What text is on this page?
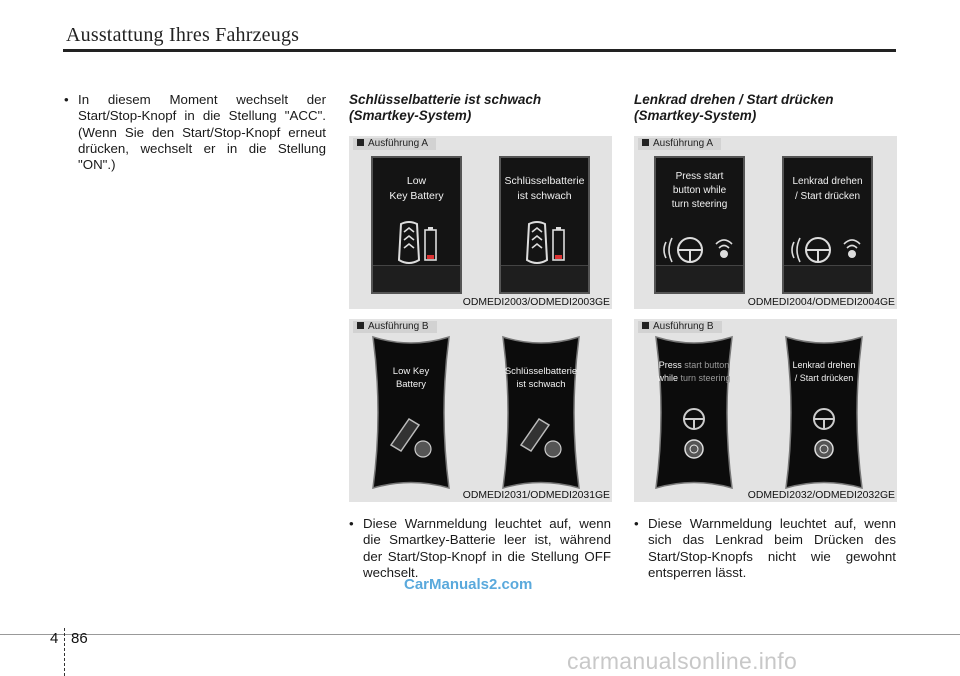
Ausstattung Ihres Fahrzeugs
• In diesem Moment wechselt der Start/Stop-Knopf in die Stellung "ACC". (Wenn Sie den Start/Stop-Knopf erneut drücken, wechselt er in die Stellung "ON".)
Schlüsselbatterie ist schwach
(Smartkey-System)
Ausführung A
Low
Key Battery
Schlüsselbatterie
ist schwach
ODMEDI2003/ODMEDI2003GE
Ausführung B
Low Key
Battery
Schlüsselbatterie
ist schwach
ODMEDI2031/ODMEDI2031GE
• Diese Warnmeldung leuchtet auf, wenn die Smartkey-Batterie leer ist, während der Start/Stop-Knopf in die Stellung OFF wechselt.
Lenkrad drehen / Start drücken
(Smartkey-System)
Ausführung A
Press start
button while
turn steering
Lenkrad drehen
/ Start drücken
ODMEDI2004/ODMEDI2004GE
Ausführung B
Press start button
while turn steering
Lenkrad drehen
/ Start drücken
ODMEDI2032/ODMEDI2032GE
• Diese Warnmeldung leuchtet auf, wenn sich das Lenkrad beim Drücken des Start/Stop-Knopfs nicht wie gewohnt entsperren lässt.
CarManuals2.com
4 86
carmanualsonline.info
